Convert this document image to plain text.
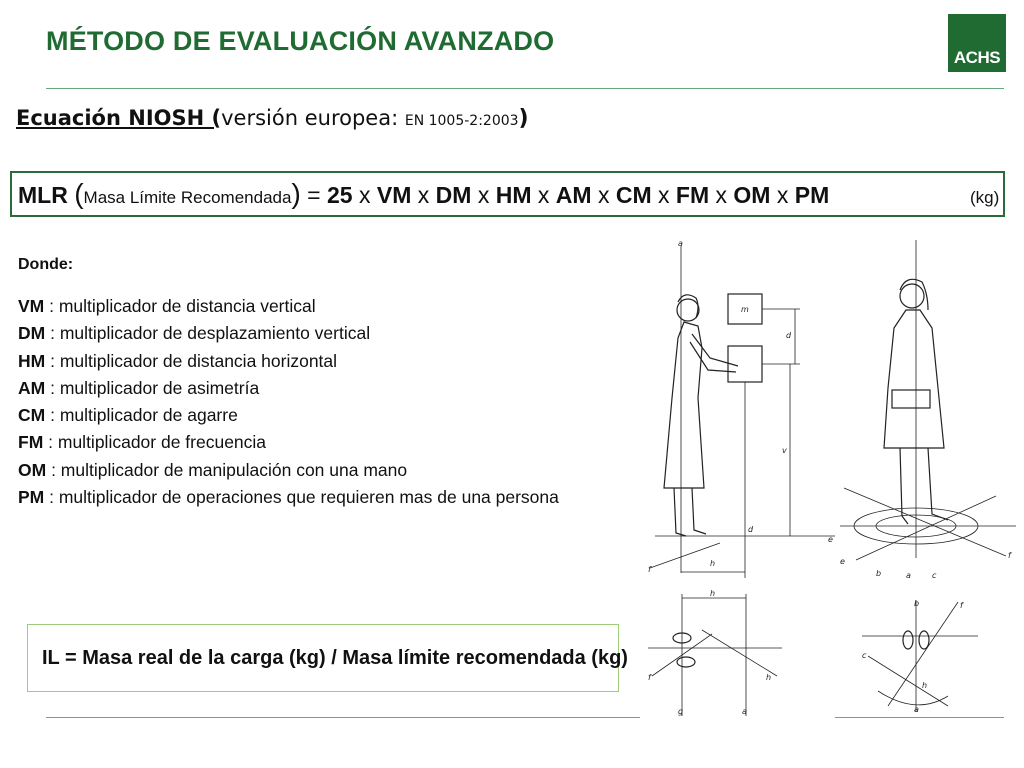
MÉTODO DE EVALUACIÓN AVANZADO
ACHS
Ecuación NIOSH (versión europea: EN 1005-2:2003)
MLR (Masa Límite Recomendada) = 25 x VM x DM x HM x AM x CM x FM x OM x PM	(kg)
Donde:
VM : multiplicador de distancia vertical
DM : multiplicador de desplazamiento vertical
HM : multiplicador de distancia horizontal
AM : multiplicador de asimetría
CM : multiplicador de agarre
FM : multiplicador de frecuencia
OM : multiplicador de manipulación con una mano
PM : multiplicador de operaciones que requieren mas de una persona
IL = Masa real de la carga (kg) / Masa límite recomendada (kg)
a
f
e
m
d
v
h
d
e
b	a	c
f
h
f	h
g	a
b
c
f
h
a
